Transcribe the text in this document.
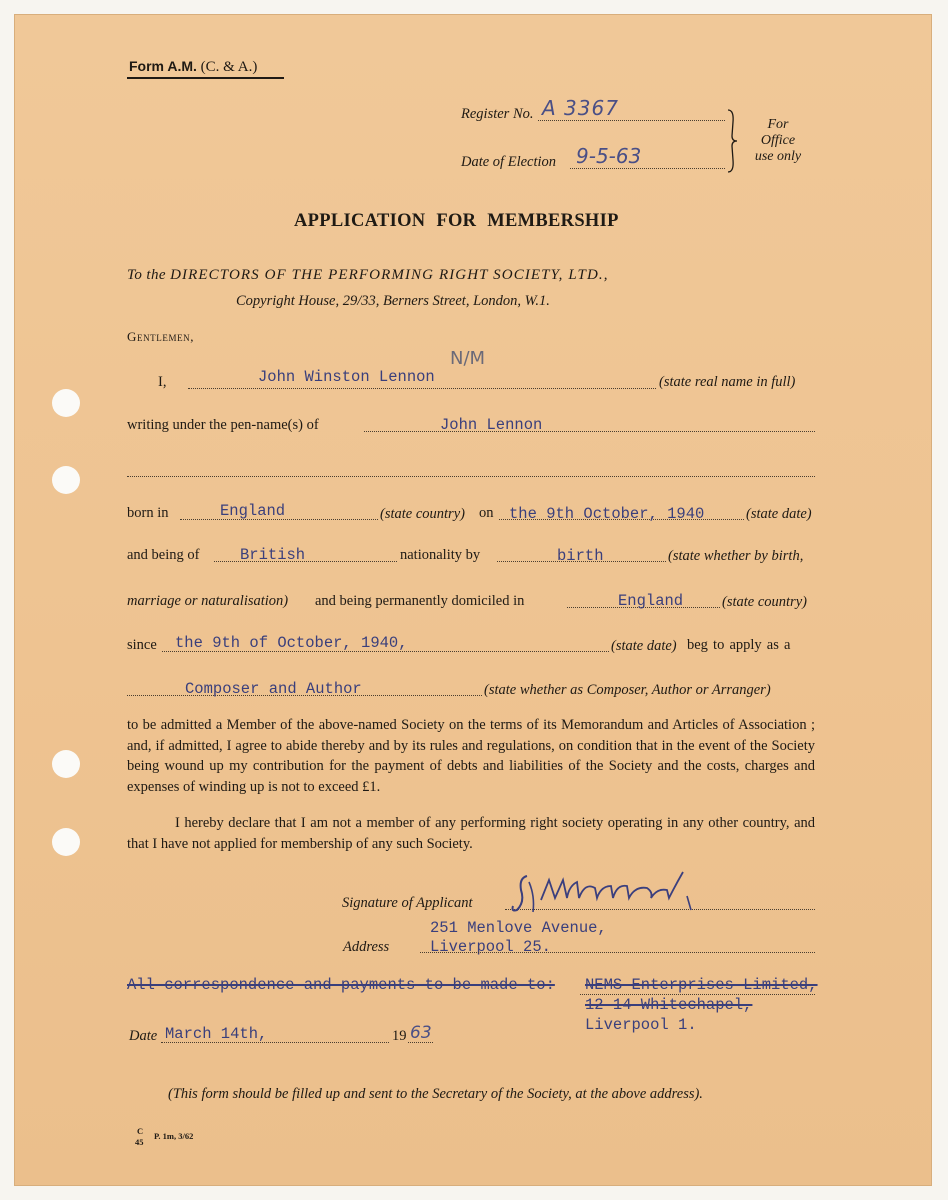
Form A.M. (C. & A.)
Register No. A 3367
Date of Election 9-5-63
For
Office
use only
APPLICATION FOR MEMBERSHIP
To the DIRECTORS OF THE PERFORMING RIGHT SOCIETY, LTD.,
Copyright House, 29/33, Berners Street, London, W.1.
Gentlemen,
N/M
I,	John Winston Lennon	(state real name in full)
writing under the pen-name(s) of	John Lennon
born in	England	(state country) on the 9th October, 1940	(state date)
and being of	British	nationality by	birth	(state whether by birth,
marriage or naturalisation) and being permanently domiciled in	England	(state country)
since the 9th of October, 1940,	(state date) beg to apply as a
Composer and Author	(state whether as Composer, Author or Arranger)
to be admitted a Member of the above-named Society on the terms of its Memorandum and Articles of Association ; and, if admitted, I agree to abide thereby and by its rules and regulations, on condition that in the event of the Society being wound up my contribution for the payment of debts and liabilities of the Society and the costs, charges and expenses of winding up is not to exceed £1.
I hereby declare that I am not a member of any performing right society operating in any other country, and that I have not applied for membership of any such Society.
Signature of Applicant
251 Menlove Avenue,
Address	Liverpool 25.
All correspondence and payments to be made to: NEMS Enterprises Limited,
12-14 Whitechapel,
Liverpool 1.
Date March 14th,	19 63
(This form should be filled up and sent to the Secretary of the Society, at the above address).
C
45
P. 1m, 3/62
